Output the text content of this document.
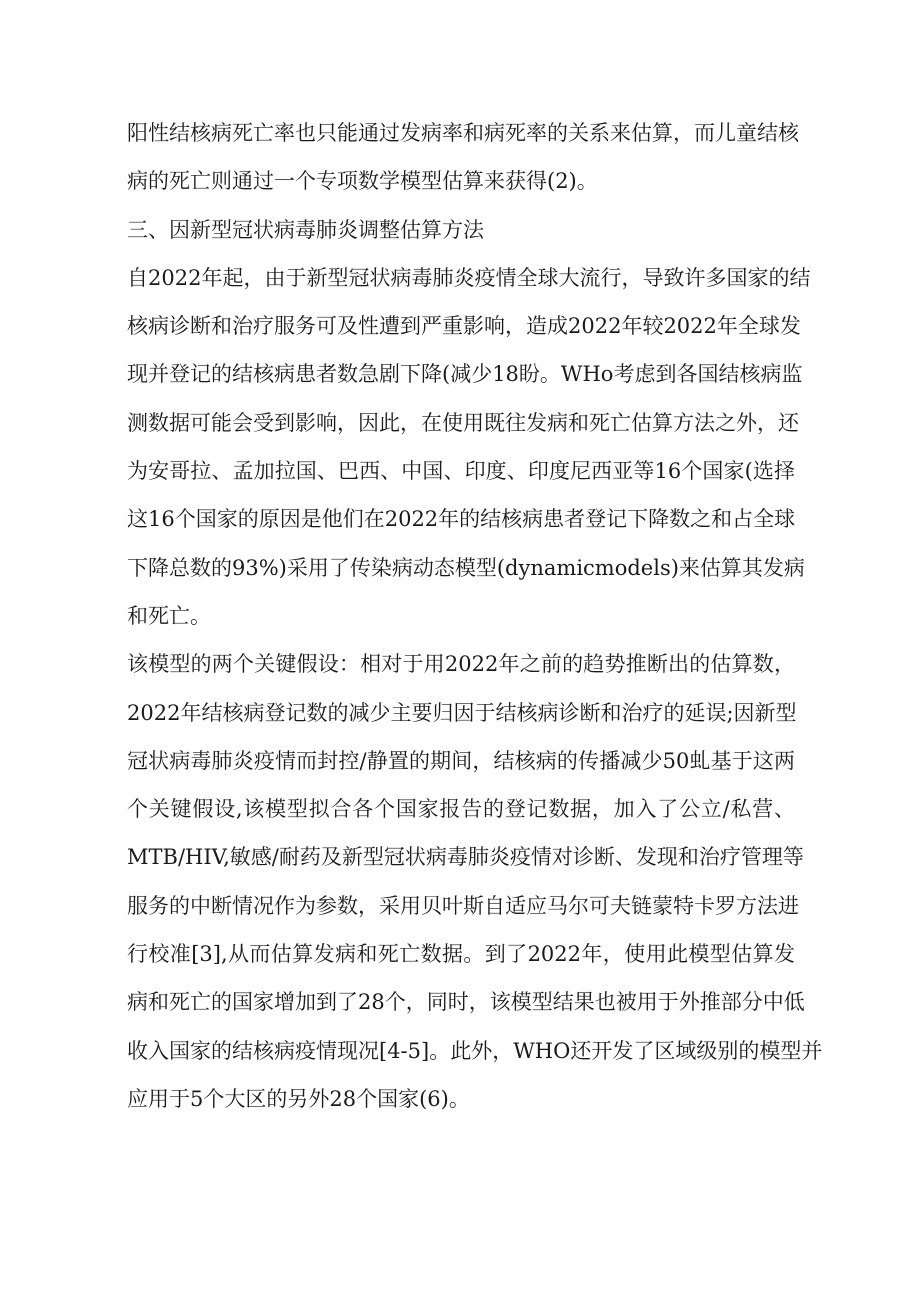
阳性结核病死亡率也只能通过发病率和病死率的关系来估算，而儿童结核
病的死亡则通过一个专项数学模型估算来获得(2)。
三、因新型冠状病毒肺炎调整估算方法
自2022年起，由于新型冠状病毒肺炎疫情全球大流行，导致许多国家的结
核病诊断和治疗服务可及性遭到严重影响，造成2022年较2022年全球发
现并登记的结核病患者数急剧下降(减少18盼。WHo考虑到各国结核病监
测数据可能会受到影响，因此，在使用既往发病和死亡估算方法之外，还
为安哥拉、孟加拉国、巴西、中国、印度、印度尼西亚等16个国家(选择
这16个国家的原因是他们在2022年的结核病患者登记下降数之和占全球
下降总数的93%)采用了传染病动态模型(dynamicmodels)来估算其发病
和死亡。
该模型的两个关键假设：相对于用2022年之前的趋势推断出的估算数，
2022年结核病登记数的减少主要归因于结核病诊断和治疗的延误;因新型
冠状病毒肺炎疫情而封控/静置的期间，结核病的传播减少50虬基于这两
个关键假设,该模型拟合各个国家报告的登记数据，加入了公立/私营、
MTB/HIV,敏感/耐药及新型冠状病毒肺炎疫情对诊断、发现和治疗管理等
服务的中断情况作为参数，采用贝叶斯自适应马尔可夫链蒙特卡罗方法进
行校准[3],从而估算发病和死亡数据。到了2022年，使用此模型估算发
病和死亡的国家增加到了28个，同时，该模型结果也被用于外推部分中低
收入国家的结核病疫情现况[4-5]。此外，WHO还开发了区域级别的模型并
应用于5个大区的另外28个国家(6)。
